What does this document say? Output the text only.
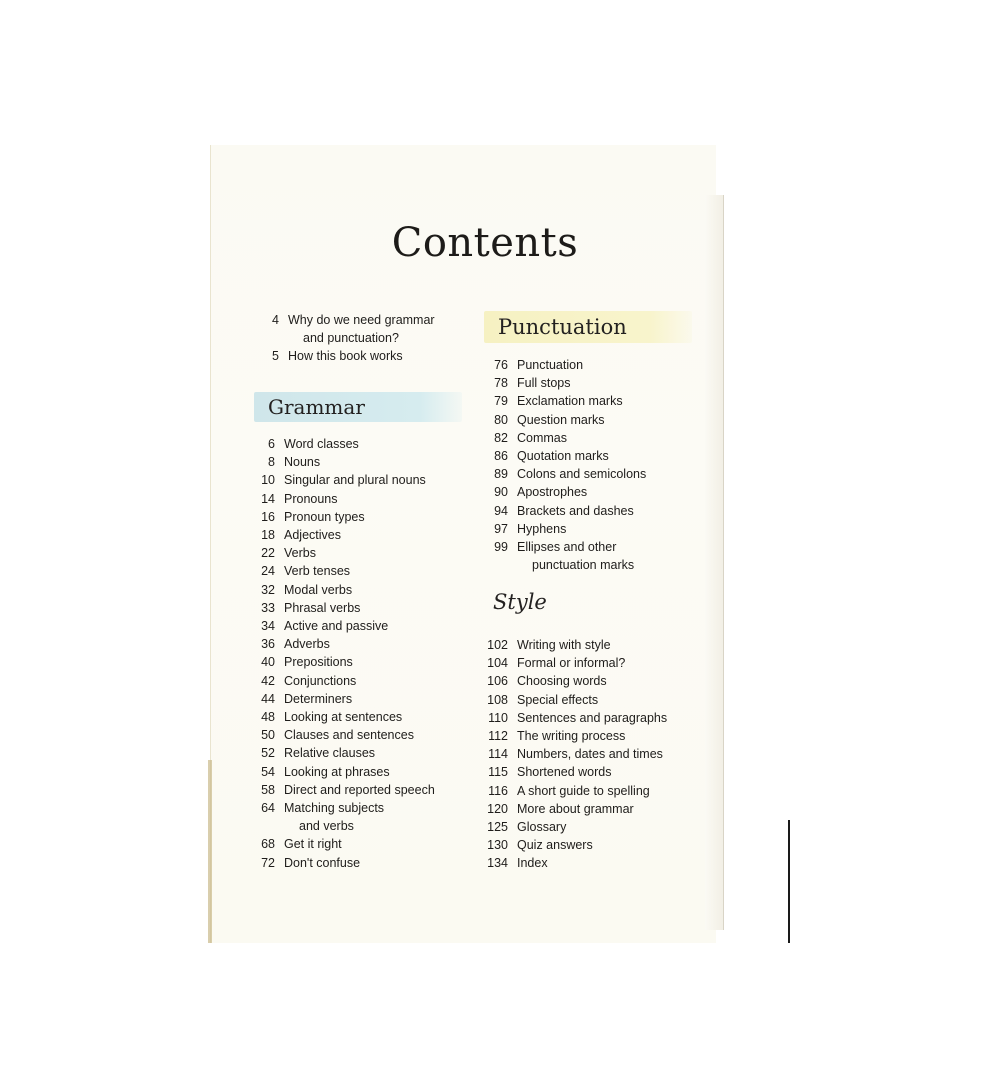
Contents
4 Why do we need grammar
and punctuation?
5 How this book works
Grammar
6 Word classes
8 Nouns
10 Singular and plural nouns
14 Pronouns
16 Pronoun types
18 Adjectives
22 Verbs
24 Verb tenses
32 Modal verbs
33 Phrasal verbs
34 Active and passive
36 Adverbs
40 Prepositions
42 Conjunctions
44 Determiners
48 Looking at sentences
50 Clauses and sentences
52 Relative clauses
54 Looking at phrases
58 Direct and reported speech
64 Matching subjects
and verbs
68 Get it right
72 Don't confuse
Punctuation
76 Punctuation
78 Full stops
79 Exclamation marks
80 Question marks
82 Commas
86 Quotation marks
89 Colons and semicolons
90 Apostrophes
94 Brackets and dashes
97 Hyphens
99 Ellipses and other
punctuation marks
Style
102 Writing with style
104 Formal or informal?
106 Choosing words
108 Special effects
110 Sentences and paragraphs
112 The writing process
114 Numbers, dates and times
115 Shortened words
116 A short guide to spelling
120 More about grammar
125 Glossary
130 Quiz answers
134 Index
